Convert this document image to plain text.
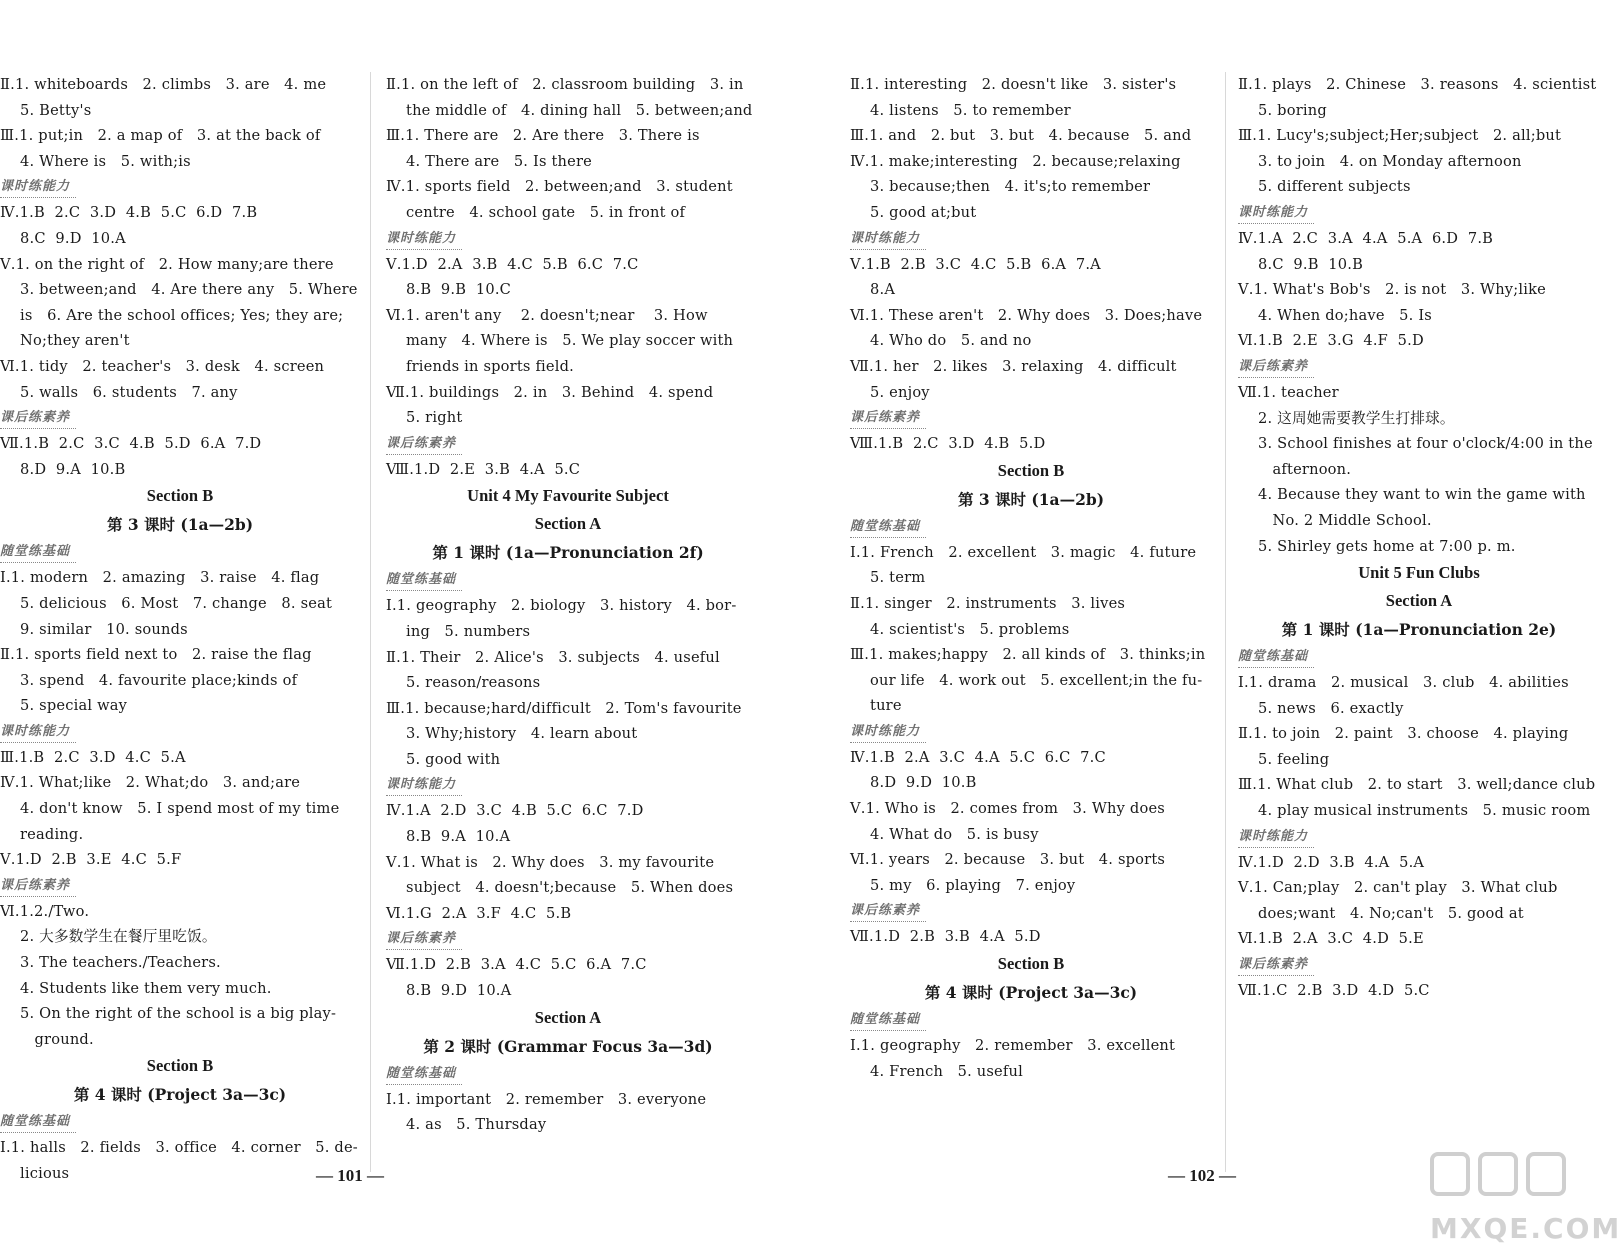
Ⅱ.1. whiteboards   2. climbs   3. are   4. me
5. Betty's
Ⅲ.1. put;in   2. a map of   3. at the back of
4. Where is   5. with;is
课时练能力
Ⅳ.1.B  2.C  3.D  4.B  5.C  6.D  7.B
8.C  9.D  10.A
Ⅴ.1. on the right of   2. How many;are there
3. between;and   4. Are there any   5. Where
is   6. Are the school offices; Yes; they are;
No;they aren't
Ⅵ.1. tidy   2. teacher's   3. desk   4. screen
5. walls   6. students   7. any
课后练素养
Ⅶ.1.B  2.C  3.C  4.B  5.D  6.A  7.D
8.D  9.A  10.B
Section B
第 3 课时 (1a—2b)
随堂练基础
Ⅰ.1. modern   2. amazing   3. raise   4. flag
5. delicious   6. Most   7. change   8. seat
9. similar   10. sounds
Ⅱ.1. sports field next to   2. raise the flag
3. spend   4. favourite place;kinds of
5. special way
课时练能力
Ⅲ.1.B  2.C  3.D  4.C  5.A
Ⅳ.1. What;like   2. What;do   3. and;are
4. don't know   5. I spend most of my time
reading.
Ⅴ.1.D  2.B  3.E  4.C  5.F
课后练素养
Ⅵ.1.2./Two.
2. 大多数学生在餐厅里吃饭。
3. The teachers./Teachers.
4. Students like them very much.
5. On the right of the school is a big play-
ground.
Section B
第 4 课时 (Project 3a—3c)
随堂练基础
Ⅰ.1. halls   2. fields   3. office   4. corner   5. de-
licious
Ⅱ.1. on the left of   2. classroom building   3. in
the middle of   4. dining hall   5. between;and
Ⅲ.1. There are   2. Are there   3. There is
4. There are   5. Is there
Ⅳ.1. sports field   2. between;and   3. student
centre   4. school gate   5. in front of
课时练能力
Ⅴ.1.D  2.A  3.B  4.C  5.B  6.C  7.C
8.B  9.B  10.C
Ⅵ.1. aren't any    2. doesn't;near    3. How
many   4. Where is   5. We play soccer with
friends in sports field.
Ⅶ.1. buildings   2. in   3. Behind   4. spend
5. right
课后练素养
Ⅷ.1.D  2.E  3.B  4.A  5.C
Unit 4 My Favourite Subject
Section A
第 1 课时 (1a—Pronunciation 2f)
随堂练基础
Ⅰ.1. geography   2. biology   3. history   4. bor-
ing   5. numbers
Ⅱ.1. Their   2. Alice's   3. subjects   4. useful
5. reason/reasons
Ⅲ.1. because;hard/difficult   2. Tom's favourite
3. Why;history   4. learn about
5. good with
课时练能力
Ⅳ.1.A  2.D  3.C  4.B  5.C  6.C  7.D
8.B  9.A  10.A
Ⅴ.1. What is   2. Why does   3. my favourite
subject   4. doesn't;because   5. When does
Ⅵ.1.G  2.A  3.F  4.C  5.B
课后练素养
Ⅶ.1.D  2.B  3.A  4.C  5.C  6.A  7.C
8.B  9.D  10.A
Section A
第 2 课时 (Grammar Focus 3a—3d)
随堂练基础
Ⅰ.1. important   2. remember   3. everyone
4. as   5. Thursday
Ⅱ.1. interesting   2. doesn't like   3. sister's
4. listens   5. to remember
Ⅲ.1. and   2. but   3. but   4. because   5. and
Ⅳ.1. make;interesting   2. because;relaxing
3. because;then   4. it's;to remember
5. good at;but
课时练能力
Ⅴ.1.B  2.B  3.C  4.C  5.B  6.A  7.A
8.A
Ⅵ.1. These aren't   2. Why does   3. Does;have
4. Who do   5. and no
Ⅶ.1. her   2. likes   3. relaxing   4. difficult
5. enjoy
课后练素养
Ⅷ.1.B  2.C  3.D  4.B  5.D
Section B
第 3 课时 (1a—2b)
随堂练基础
Ⅰ.1. French   2. excellent   3. magic   4. future
5. term
Ⅱ.1. singer   2. instruments   3. lives
4. scientist's   5. problems
Ⅲ.1. makes;happy   2. all kinds of   3. thinks;in
our life   4. work out   5. excellent;in the fu-
ture
课时练能力
Ⅳ.1.B  2.A  3.C  4.A  5.C  6.C  7.C
8.D  9.D  10.B
Ⅴ.1. Who is   2. comes from   3. Why does
4. What do   5. is busy
Ⅵ.1. years   2. because   3. but   4. sports
5. my   6. playing   7. enjoy
课后练素养
Ⅶ.1.D  2.B  3.B  4.A  5.D
Section B
第 4 课时 (Project 3a—3c)
随堂练基础
Ⅰ.1. geography   2. remember   3. excellent
4. French   5. useful
Ⅱ.1. plays   2. Chinese   3. reasons   4. scientist
5. boring
Ⅲ.1. Lucy's;subject;Her;subject   2. all;but
3. to join   4. on Monday afternoon
5. different subjects
课时练能力
Ⅳ.1.A  2.C  3.A  4.A  5.A  6.D  7.B
8.C  9.B  10.B
Ⅴ.1. What's Bob's   2. is not   3. Why;like
4. When do;have   5. Is
Ⅵ.1.B  2.E  3.G  4.F  5.D
课后练素养
Ⅶ.1. teacher
2. 这周她需要教学生打排球。
3. School finishes at four o'clock/4:00 in the
afternoon.
4. Because they want to win the game with
No. 2 Middle School.
5. Shirley gets home at 7:00 p. m.
Unit 5 Fun Clubs
Section A
第 1 课时 (1a—Pronunciation 2e)
随堂练基础
Ⅰ.1. drama   2. musical   3. club   4. abilities
5. news   6. exactly
Ⅱ.1. to join   2. paint   3. choose   4. playing
5. feeling
Ⅲ.1. What club   2. to start   3. well;dance club
4. play musical instruments   5. music room
课时练能力
Ⅳ.1.D  2.D  3.B  4.A  5.A
Ⅴ.1. Can;play   2. can't play   3. What club
does;want   4. No;can't   5. good at
Ⅵ.1.B  2.A  3.C  4.D  5.E
课后练素养
Ⅶ.1.C  2.B  3.D  4.D  5.C
— 101 —	— 102 —
MXQE.COM
